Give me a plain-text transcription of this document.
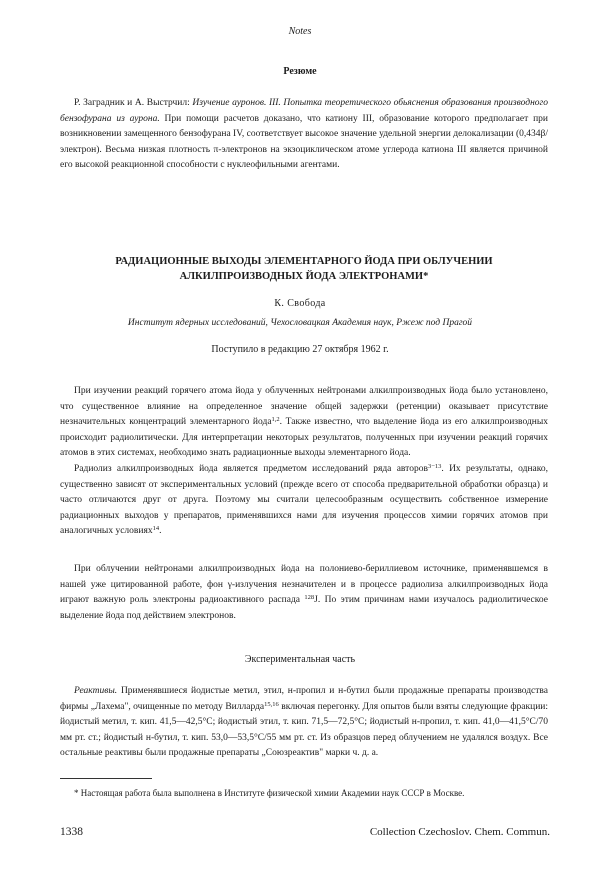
Notes
Резюме

Р. Заградник и А. Выстрчил: Изучение ауронов. III. Попытка теоретического обьяснения образования производного бензофурана из аурона. При помощи расчетов доказано, что катиону III, образование которого предполагает при возникновении замещенного бензофурана IV, соответствует высокое значение удельной энергии делокализации (0,434β/электрон). Весьма низкая плотность π-электронов на экзоциклическом атоме углерода катиона III является причиной его высокой реакционной способности с нуклеофильными агентами.

РАДИАЦИОННЫЕ ВЫХОДЫ ЭЛЕМЕНТАРНОГО ЙОДА ПРИ ОБЛУЧЕНИИ
АЛКИЛПРОИЗВОДНЫХ ЙОДА ЭЛЕКТРОНАМИ*
К. Свобода
Институт ядерных исследований, Чехословацкая Академия наук, Ржеж под Прагой
Поступило в редакцию 27 октября 1962 г.

При изучении реакций горячего атома йода у облученных нейтронами алкилпроизводных йода было установлено, что существенное влияние на определенное значение общей задержки (ретенции) оказывает присутствие незначительных концентраций элементарного йода$^{1,2}$. Также известно, что выделение йода из его алкилпроизводных происходит радиолитически. Для интерпретации некоторых результатов, полученных при изучении реакций горячих атомов в этих системах, необходимо знать радиационные выходы элементарного йода.

Радиолиз алкилпроизводных йода является предметом исследований ряда авторов$^{3-13}$. Их результаты, однако, существенно зависят от экспериментальных условий (прежде всего от способа предварительной обработки образца) и часто отличаются друг от друга. Поэтому мы считали целесообразным осуществить собственное измерение радиационных выходов у препаратов, применявшихся нами для изучения процессов химии горячих атомов при аналогичных условиях$^{14}$.

При облучении нейтронами алкилпроизводных йода на полониево-бериллиевом источнике, применявшемся в нашей уже цитированной работе, фон γ-излучения незначителен и в процессе радиолиза алкилпроизводных йода играют важную роль электроны радиоактивного распада $^{128}$J. По этим причинам нами изучалось радиолитическое выделение йода под действием электронов.

Экспериментальная часть

Реактивы. Применявшиеся йодистые метил, этил, н-пропил и н-бутил были продажные препараты производства фирмы „Лахема", очищенные по методу Вилларда$^{15,16}$ включая перегонку. Для опытов были взяты следующие фракции: йодистый метил, т. кип. 41,5—42,5°C; йодистый этил, т. кип. 71,5—72,5°C; йодистый н-пропил, т. кип. 41,0—41,5°C/70 мм рт. ст.; йодистый н-бутил, т. кип. 53,0—53,5°C/55 мм рт. ст. Из образцов перед облучением не удалялся воздух. Все остальные реактивы были продажные препараты „Союзреактив" марки ч. д. а.

* Настоящая работа была выполнена в Институте физической химии Академии наук СССР в Москве.

1338	Collection Czechoslov. Chem. Commun.
